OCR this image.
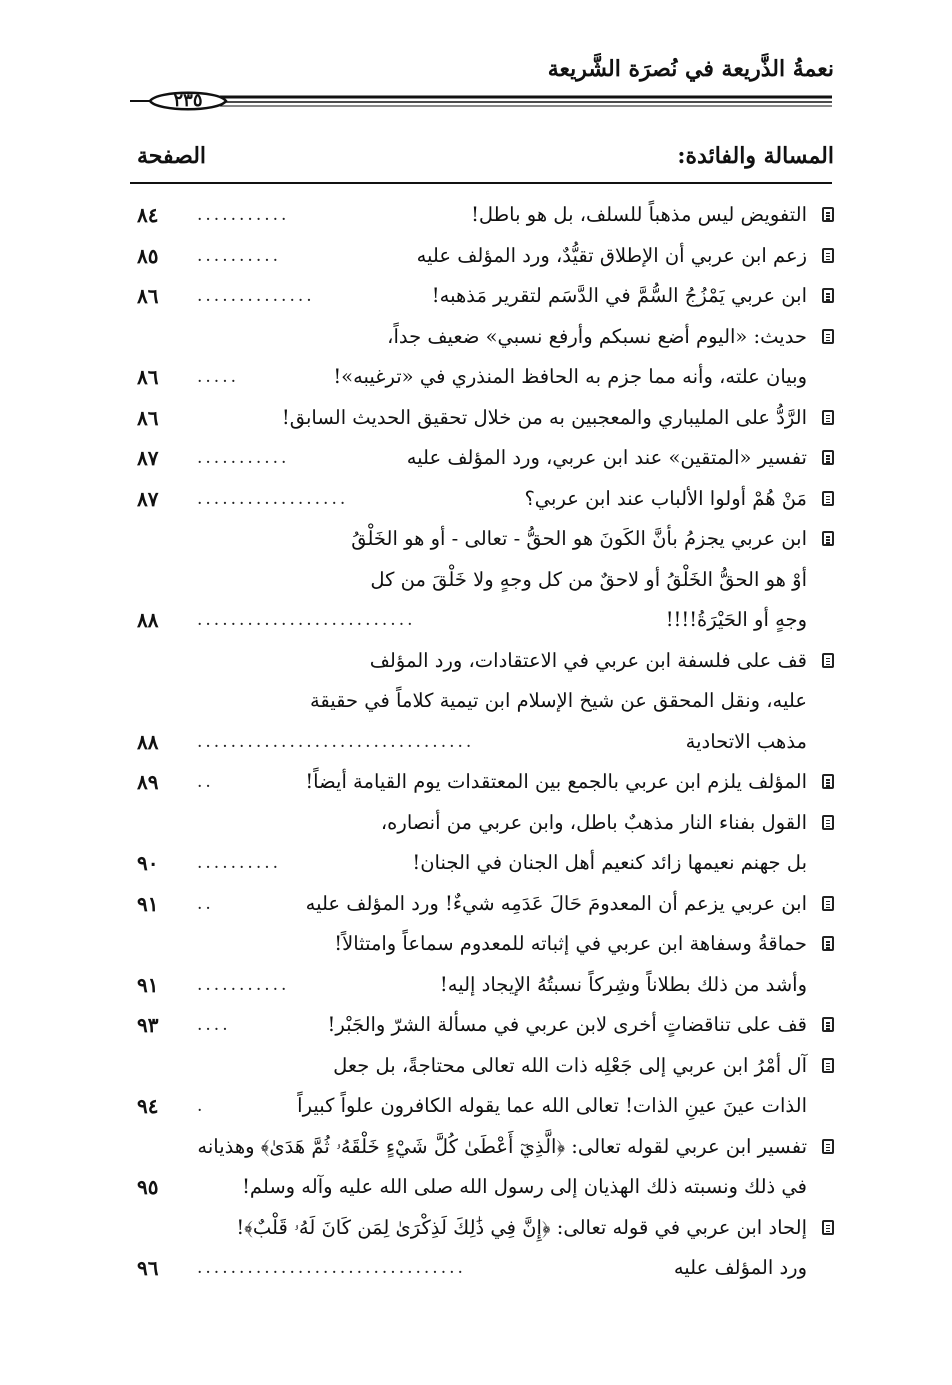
نعمةُ الذَّريعة في نُصرَة الشَّريعة
٢٣٥
المسالة والفائدة:
الصفحة
التفويض ليس مذهباً للسلف، بل هو باطل!
...........
٨٤
زعم ابن عربي أن الإطلاق تقيُّدٌ، ورد المؤلف عليه
..........
٨٥
ابن عربي يَمْزُجُ السُّمَّ في الدَّسَم لتقرير مَذهبه!
..............
٨٦
حديث: «اليوم أضع نسبكم وأرفع نسبي» ضعيف جداً،
وبيان علته، وأنه مما جزم به الحافظ المنذري في «ترغيبه»!
.....
٨٦
الرَّدُّ على المليباري والمعجبين به من خلال تحقيق الحديث السابق!
٨٦
تفسير «المتقين» عند ابن عربي، ورد المؤلف عليه
...........
٨٧
مَنْ هُمْ أولوا الألباب عند ابن عربي؟
..................
٨٧
ابن عربي يجزمُ بأنَّ الكَونَ هو الحقُّ - تعالى - أو هو الخَلْقُ
أوْ هو الحقُّ الخَلْقُ أو لاحقٌ من كل وجهٍ ولا خَلْقَ من كل
وجهٍ أو الحَيْرَةُ!!!!
..........................
٨٨
قف على فلسفة ابن عربي في الاعتقادات، ورد المؤلف
عليه، ونقل المحقق عن شيخ الإسلام ابن تيمية كلاماً في حقيقة
مذهب الاتحادية
.................................
٨٨
المؤلف يلزم ابن عربي بالجمع بين المعتقدات يوم القيامة أيضاً!
..
٨٩
القول بفناء النار مذهبٌ باطل، وابن عربي من أنصاره،
بل جهنم نعيمها زائد كنعيم أهل الجنان في الجنان!
..........
٩٠
ابن عربي يزعم أن المعدومَ حَالَ عَدَمِه شيءٌ! ورد المؤلف عليه
..
٩١
حماقةُ وسفاهة ابن عربي في إثباته للمعدوم سماعاً وامتثالاً!
وأشد من ذلك بطلاناً وشِركاً نسبتُهُ الإيجاد إليه!
...........
٩١
قف على تناقضاتٍ أخرى لابن عربي في مسألة الشرّ والجَبْر!
....
٩٣
آل أمْرُ ابن عربي إلى جَعْلِه ذات الله تعالى محتاجةً، بل جعل
الذات عينَ عينِ الذات! تعالى الله عما يقوله الكافرون علواً كبيراً
.
٩٤
تفسير ابن عربي لقوله تعالى: ﴿الَّذِيٓ أَعْطَىٰ كُلَّ شَيْءٍ خَلْقَهُۥ ثُمَّ هَدَىٰ﴾ وهذيانه
في ذلك ونسبته ذلك الهذيان إلى رسول الله صلى الله عليه وآله وسلم!
٩٥
إلحاد ابن عربي في قوله تعالى: ﴿إِنَّ فِي ذَٰلِكَ لَذِكْرَىٰ لِمَن كَانَ لَهُۥ قَلْبٌ﴾!
ورد المؤلف عليه
................................
٩٦
